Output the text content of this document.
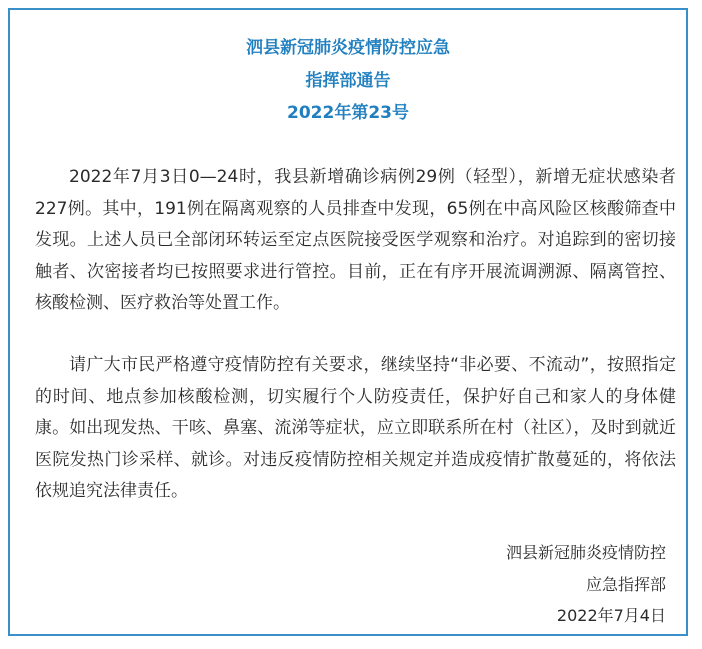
泗县新冠肺炎疫情防控应急
指挥部通告
2022年第23号

2022年7月3日0—24时，我县新增确诊病例29例（轻型），新增无症状感染者227例。其中，191例在隔离观察的人员排查中发现，65例在中高风险区核酸筛查中发现。上述人员已全部闭环转运至定点医院接受医学观察和治疗。对追踪到的密切接触者、次密接者均已按照要求进行管控。目前，正在有序开展流调溯源、隔离管控、核酸检测、医疗救治等处置工作。

请广大市民严格遵守疫情防控有关要求，继续坚持“非必要、不流动”，按照指定的时间、地点参加核酸检测，切实履行个人防疫责任，保护好自己和家人的身体健康。如出现发热、干咳、鼻塞、流涕等症状，应立即联系所在村（社区），及时到就近医院发热门诊采样、就诊。对违反疫情防控相关规定并造成疫情扩散蔓延的，将依法依规追究法律责任。

泗县新冠肺炎疫情防控
应急指挥部
2022年7月4日
